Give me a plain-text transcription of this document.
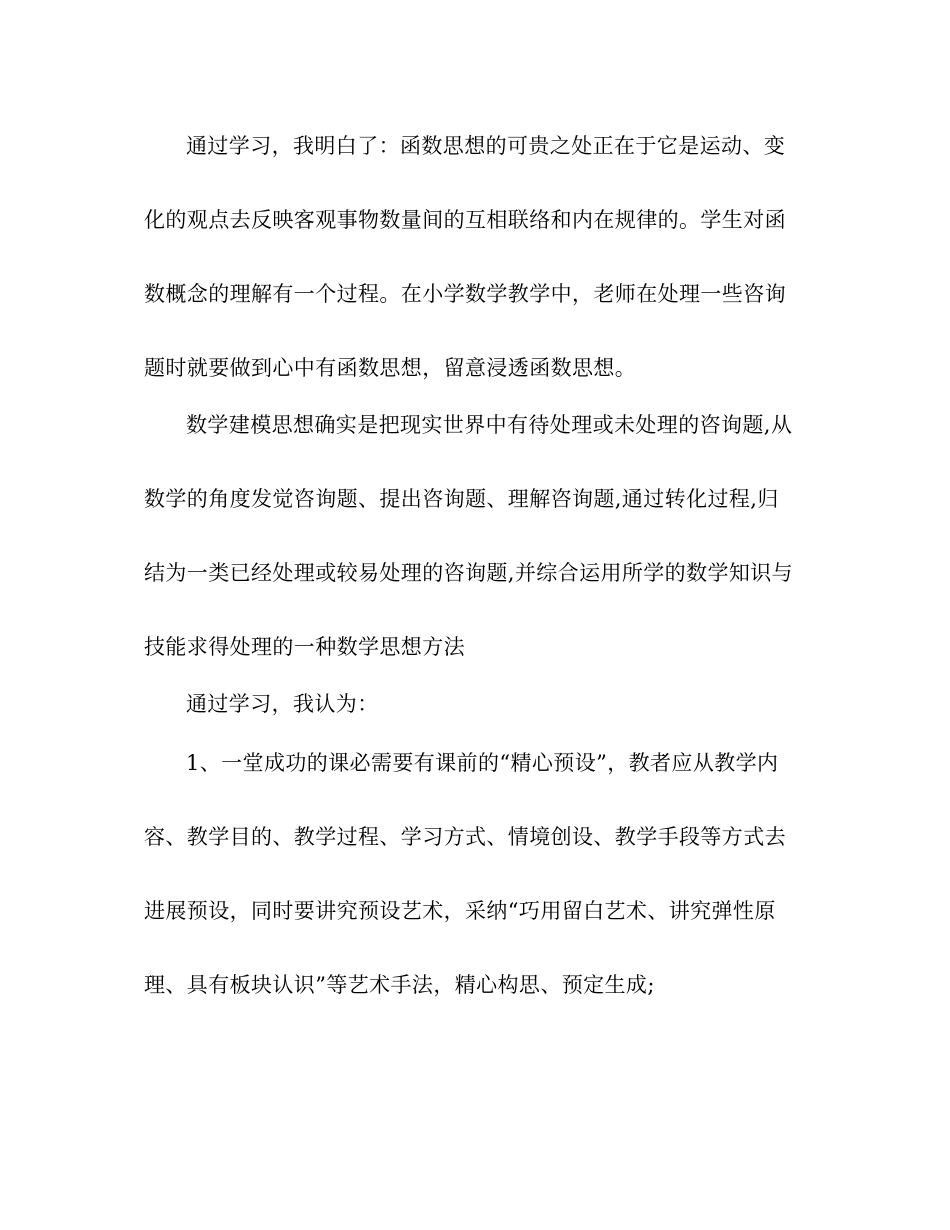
通过学习，我明白了：函数思想的可贵之处正在于它是运动、变
化的观点去反映客观事物数量间的互相联络和内在规律的。学生对函
数概念的理解有一个过程。在小学数学教学中，老师在处理一些咨询
题时就要做到心中有函数思想，留意浸透函数思想。
数学建模思想确实是把现实世界中有待处理或未处理的咨询题,从
数学的角度发觉咨询题、提出咨询题、理解咨询题,通过转化过程,归
结为一类已经处理或较易处理的咨询题,并综合运用所学的数学知识与
技能求得处理的一种数学思想方法
通过学习，我认为：
1、一堂成功的课必需要有课前的“精心预设”，教者应从教学内
容、教学目的、教学过程、学习方式、情境创设、教学手段等方式去
进展预设，同时要讲究预设艺术，采纳“巧用留白艺术、讲究弹性原
理、具有板块认识”等艺术手法，精心构思、预定生成;
